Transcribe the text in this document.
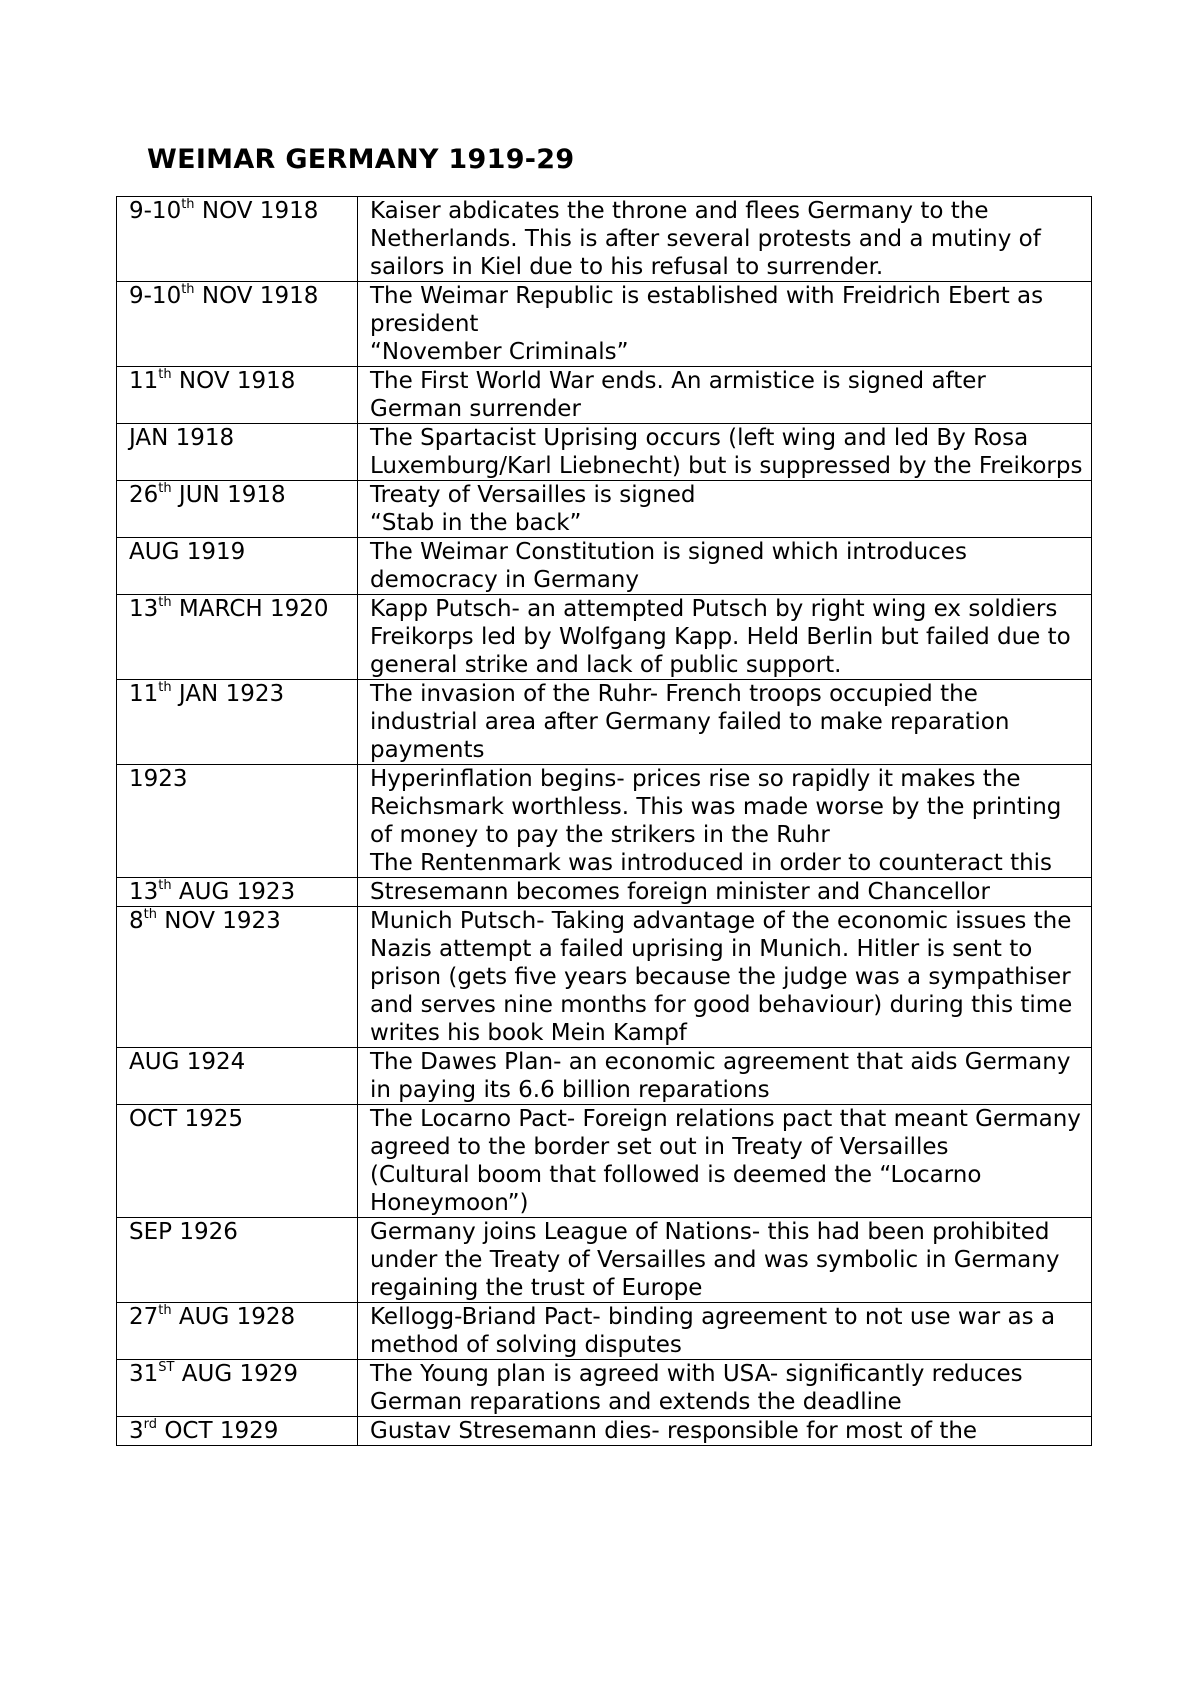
WEIMAR GERMANY 1919-29
9-10th NOV 1918	Kaiser abdicates the throne and flees Germany to the Netherlands. This is after several protests and a mutiny of sailors in Kiel due to his refusal to surrender.

9-10th NOV 1918	The Weimar Republic is established with Freidrich Ebert as president
“November Criminals”

11th NOV 1918	The First World War ends. An armistice is signed after German surrender

JAN 1918	The Spartacist Uprising occurs (left wing and led By Rosa Luxemburg/Karl Liebnecht) but is suppressed by the Freikorps

26th JUN 1918	Treaty of Versailles is signed
“Stab in the back”

AUG 1919	The Weimar Constitution is signed which introduces democracy in Germany

13th MARCH 1920	Kapp Putsch- an attempted Putsch by right wing ex soldiers Freikorps led by Wolfgang Kapp. Held Berlin but failed due to general strike and lack of public support.

11th JAN 1923	The invasion of the Ruhr- French troops occupied the industrial area after Germany failed to make reparation payments

1923	Hyperinflation begins- prices rise so rapidly it makes the Reichsmark worthless. This was made worse by the printing of money to pay the strikers in the Ruhr
The Rentenmark was introduced in order to counteract this

13th AUG 1923	Stresemann becomes foreign minister and Chancellor

8th NOV 1923	Munich Putsch- Taking advantage of the economic issues the Nazis attempt a failed uprising in Munich. Hitler is sent to prison (gets five years because the judge was a sympathiser and serves nine months for good behaviour) during this time writes his book Mein Kampf

AUG 1924	The Dawes Plan- an economic agreement that aids Germany in paying its 6.6 billion reparations

OCT 1925	The Locarno Pact- Foreign relations pact that meant Germany agreed to the border set out in Treaty of Versailles
(Cultural boom that followed is deemed the “Locarno Honeymoon”)

SEP 1926	Germany joins League of Nations- this had been prohibited under the Treaty of Versailles and was symbolic in Germany regaining the trust of Europe

27th AUG 1928	Kellogg-Briand Pact- binding agreement to not use war as a method of solving disputes

31ST AUG 1929	The Young plan is agreed with USA- significantly reduces German reparations and extends the deadline

3rd OCT 1929	Gustav Stresemann dies- responsible for most of the
